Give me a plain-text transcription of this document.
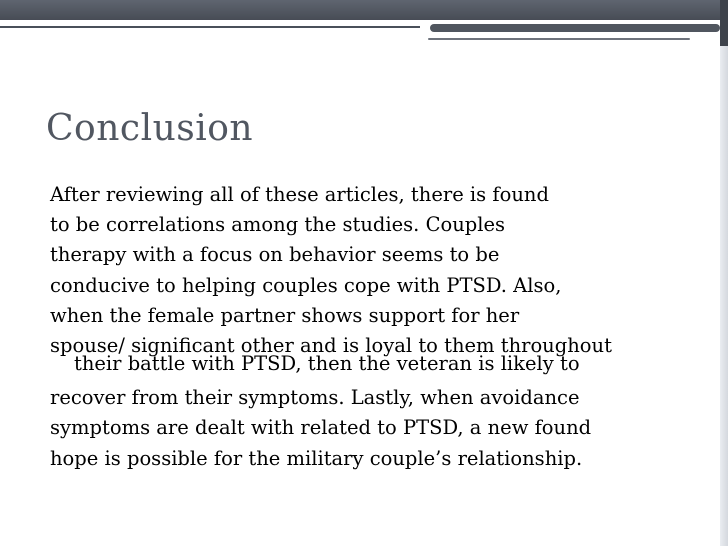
Conclusion
After reviewing all of these articles, there is found
to be correlations among the studies. Couples
therapy with a focus on behavior seems to be
conducive to helping couples cope with PTSD. Also,
when the female partner shows support for her
spouse/ significant other and is loyal to them throughout
their battle with PTSD, then the veteran is likely to
recover from their symptoms. Lastly, when avoidance
symptoms are dealt with related to PTSD, a new found
hope is possible for the military couple’s relationship.
